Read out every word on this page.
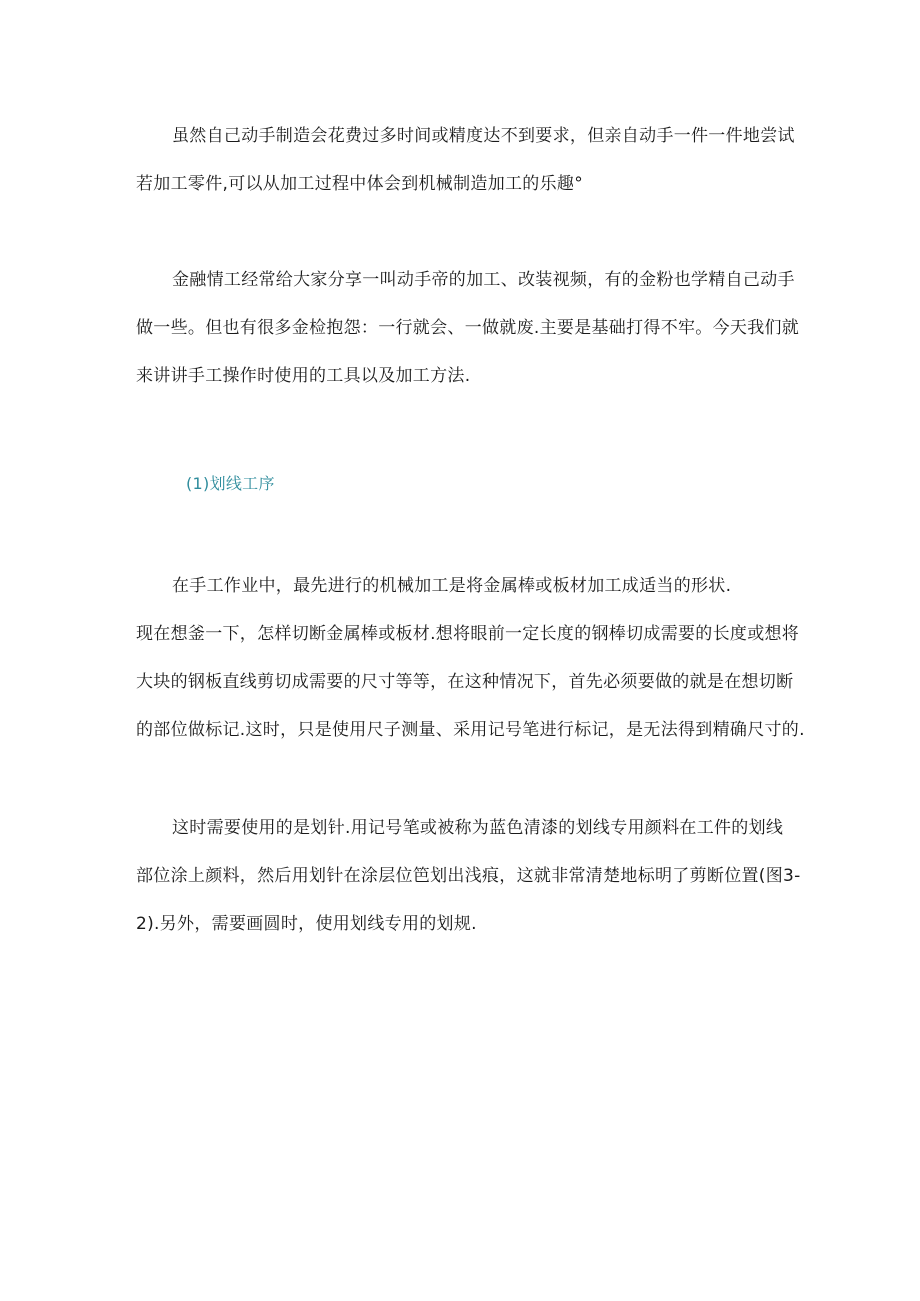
虽然自己动手制造会花费过多时间或精度达不到要求，但亲自动手一件一件地尝试
若加工零件,可以从加工过程中体会到机械制造加工的乐趣°
金融情工经常给大家分享一叫动手帝的加工、改装视频，有的金粉也学精自己动手
做一些。但也有很多金检抱怨：一行就会、一做就废.主要是基础打得不牢。今天我们就
来讲讲手工操作时使用的工具以及加工方法.
(1)划线工序
在手工作业中，最先进行的机械加工是将金属棒或板材加工成适当的形状.
现在想釜一下，怎样切断金属棒或板材.想将眼前一定长度的钢棒切成需要的长度或想将
大块的钢板直线剪切成需要的尺寸等等，在这种情况下，首先必须要做的就是在想切断
的部位做标记.这时，只是使用尺子测量、采用记号笔进行标记，是无法得到精确尺寸的.
这时需要使用的是划针.用记号笔或被称为蓝色清漆的划线专用颜料在工件的划线
部位涂上颜料，然后用划针在涂层位笆划出浅痕，这就非常清楚地标明了剪断位置(图3-
2).另外，需要画圆时，使用划线专用的划规.
